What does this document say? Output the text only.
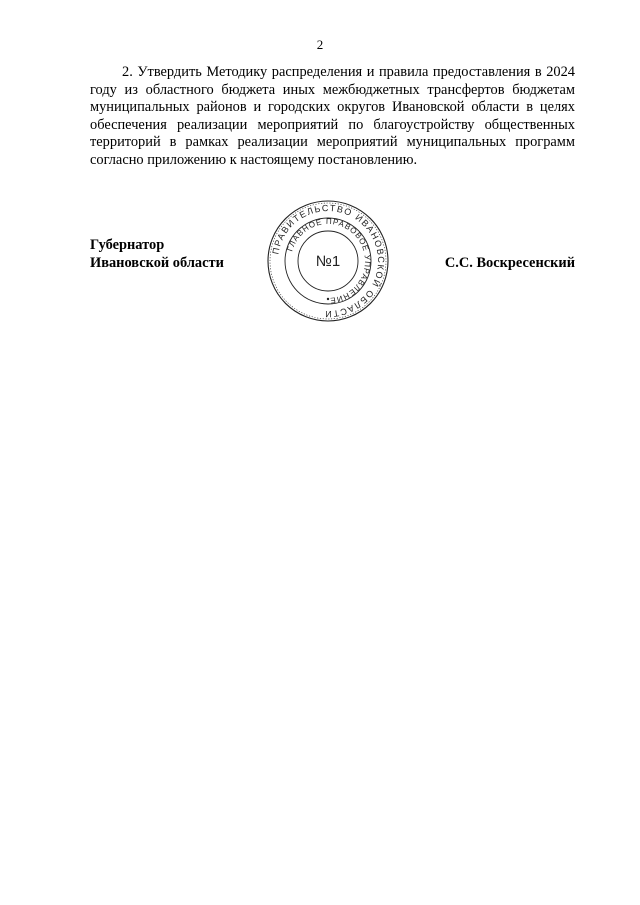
2

2. Утвердить Методику распределения и правила предоставления в 2024 году из областного бюджета иных межбюджетных трансфертов бюджетам муниципальных районов и городских округов Ивановской области в целях обеспечения реализации мероприятий по благоустройству общественных территорий в рамках реализации мероприятий муниципальных программ согласно приложению к настоящему постановлению.

Губернатор
Ивановской области	С.С. Воскресенский
ПРАВИТЕЛЬСТВО ИВАНОВСКОЙ ОБЛАСТИ
ГЛАВНОЕ ПРАВОВОЕ УПРАВЛЕНИЕ
№1
